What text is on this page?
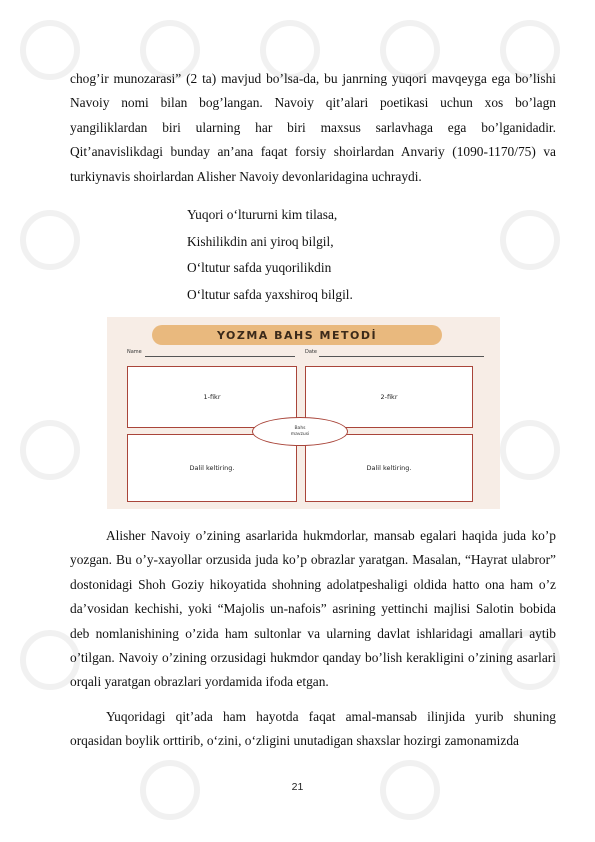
chog’ir munozarasi” (2 ta) mavjud bo’lsa-da, bu janrning yuqori mavqeyga ega bo’lishi Navoiy nomi bilan bog’langan. Navoiy qit’alari poetikasi uchun xos bo’lagn yangiliklardan biri ularning har biri maxsus sarlavhaga ega bo’lganidadir. Qit’anavislikdagi bunday an’ana faqat forsiy shoirlardan Anvariy (1090-1170/75) va turkiynavis shoirlardan Alisher Navoiy devonlaridagina uchraydi.

Yuqori o‘ltururni kim tilasa,
Kishilikdin ani yiroq bilgil,
O‘ltutur safda yuqorilikdin
O‘ltutur safda yaxshiroq bilgil.
YOZMA BAHS METODİ
Name	Date
1-fikr	2-fikr
Dalil keltiring.	Dalil keltiring.
Bahs
mavzusi

Alisher Navoiy o’zining asarlarida hukmdorlar, mansab egalari haqida juda ko’p yozgan. Bu o’y-xayollar orzusida juda ko’p obrazlar yaratgan. Masalan, “Hayrat ulabror” dostonidagi Shoh Goziy hikoyatida shohning adolatpeshaligi oldida hatto ona ham o’z da’vosidan kechishi, yoki “Majolis un-nafois” asrining yettinchi majlisi Salotin bobida deb nomlanishining o’zida ham sultonlar va ularning davlat ishlaridagi amallari aytib o’tilgan. Navoiy o’zining orzusidagi hukmdor qanday bo’lish kerakligini o’zining asarlari orqali yaratgan obrazlari yordamida ifoda etgan.

Yuqoridagi qit’ada ham hayotda faqat amal-mansab ilinjida yurib shuning orqasidan boylik orttirib, o‘zini, o‘zligini unutadigan shaxslar hozirgi zamonamizda

21
